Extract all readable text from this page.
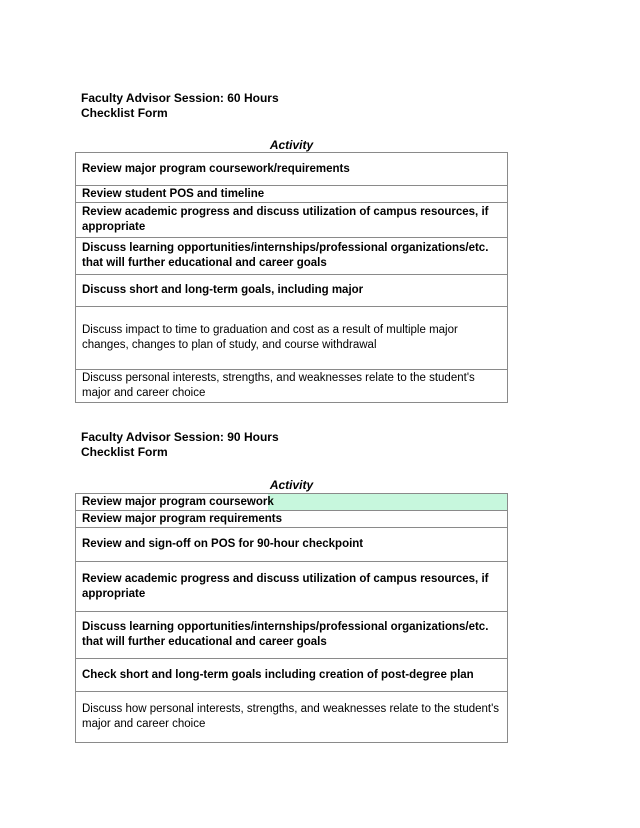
Faculty Advisor Session: 60 Hours
Checklist Form
Activity
Review major program coursework/requirements
Review student POS and timeline
Review academic progress and discuss utilization of campus resources, if appropriate
Discuss learning opportunities/internships/professional organizations/etc. that will further educational and career goals
Discuss short and long-term goals, including major
Discuss impact to time to graduation and cost as a result of multiple major changes, changes to plan of study, and course withdrawal
Discuss personal interests, strengths, and weaknesses relate to the student's major and career choice
Faculty Advisor Session: 90 Hours
Checklist Form
Activity
Review major program coursework
Review major program requirements
Review and sign-off on POS for 90-hour checkpoint
Review academic progress and discuss utilization of campus resources, if appropriate
Discuss learning opportunities/internships/professional organizations/etc. that will further educational and career goals
Check short and long-term goals including creation of post-degree plan
Discuss how personal interests, strengths, and weaknesses relate to the student's major and career choice
